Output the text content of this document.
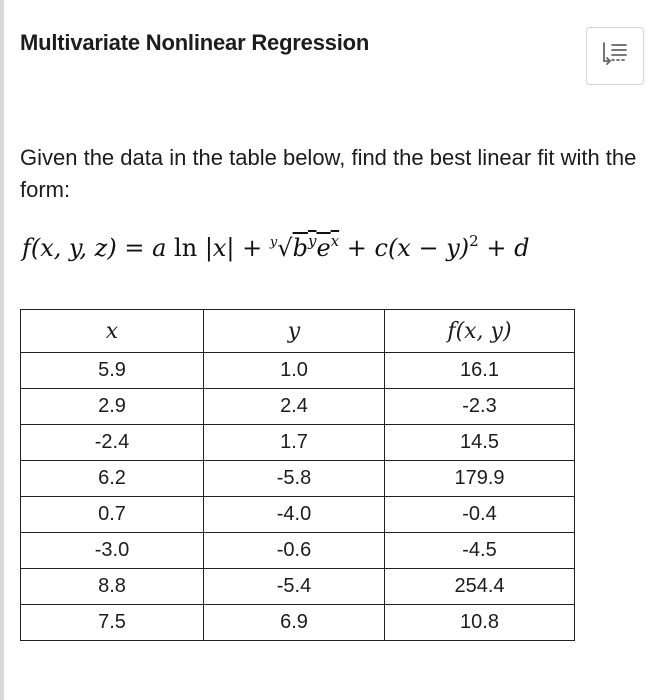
Multivariate Nonlinear Regression
Given the data in the table below, find the best linear fit with the form:
f(x, y, z) = a $\ln |x| + ^y√b^ye^x + c(x - y)^2 + d$
x	y	f(x, y)
5.9	1.0	16.1
2.9	2.4	-2.3
-2.4	1.7	14.5
6.2	-5.8	179.9
0.7	-4.0	-0.4
-3.0	-0.6	-4.5
8.8	-5.4	254.4
7.5	6.9	10.8
